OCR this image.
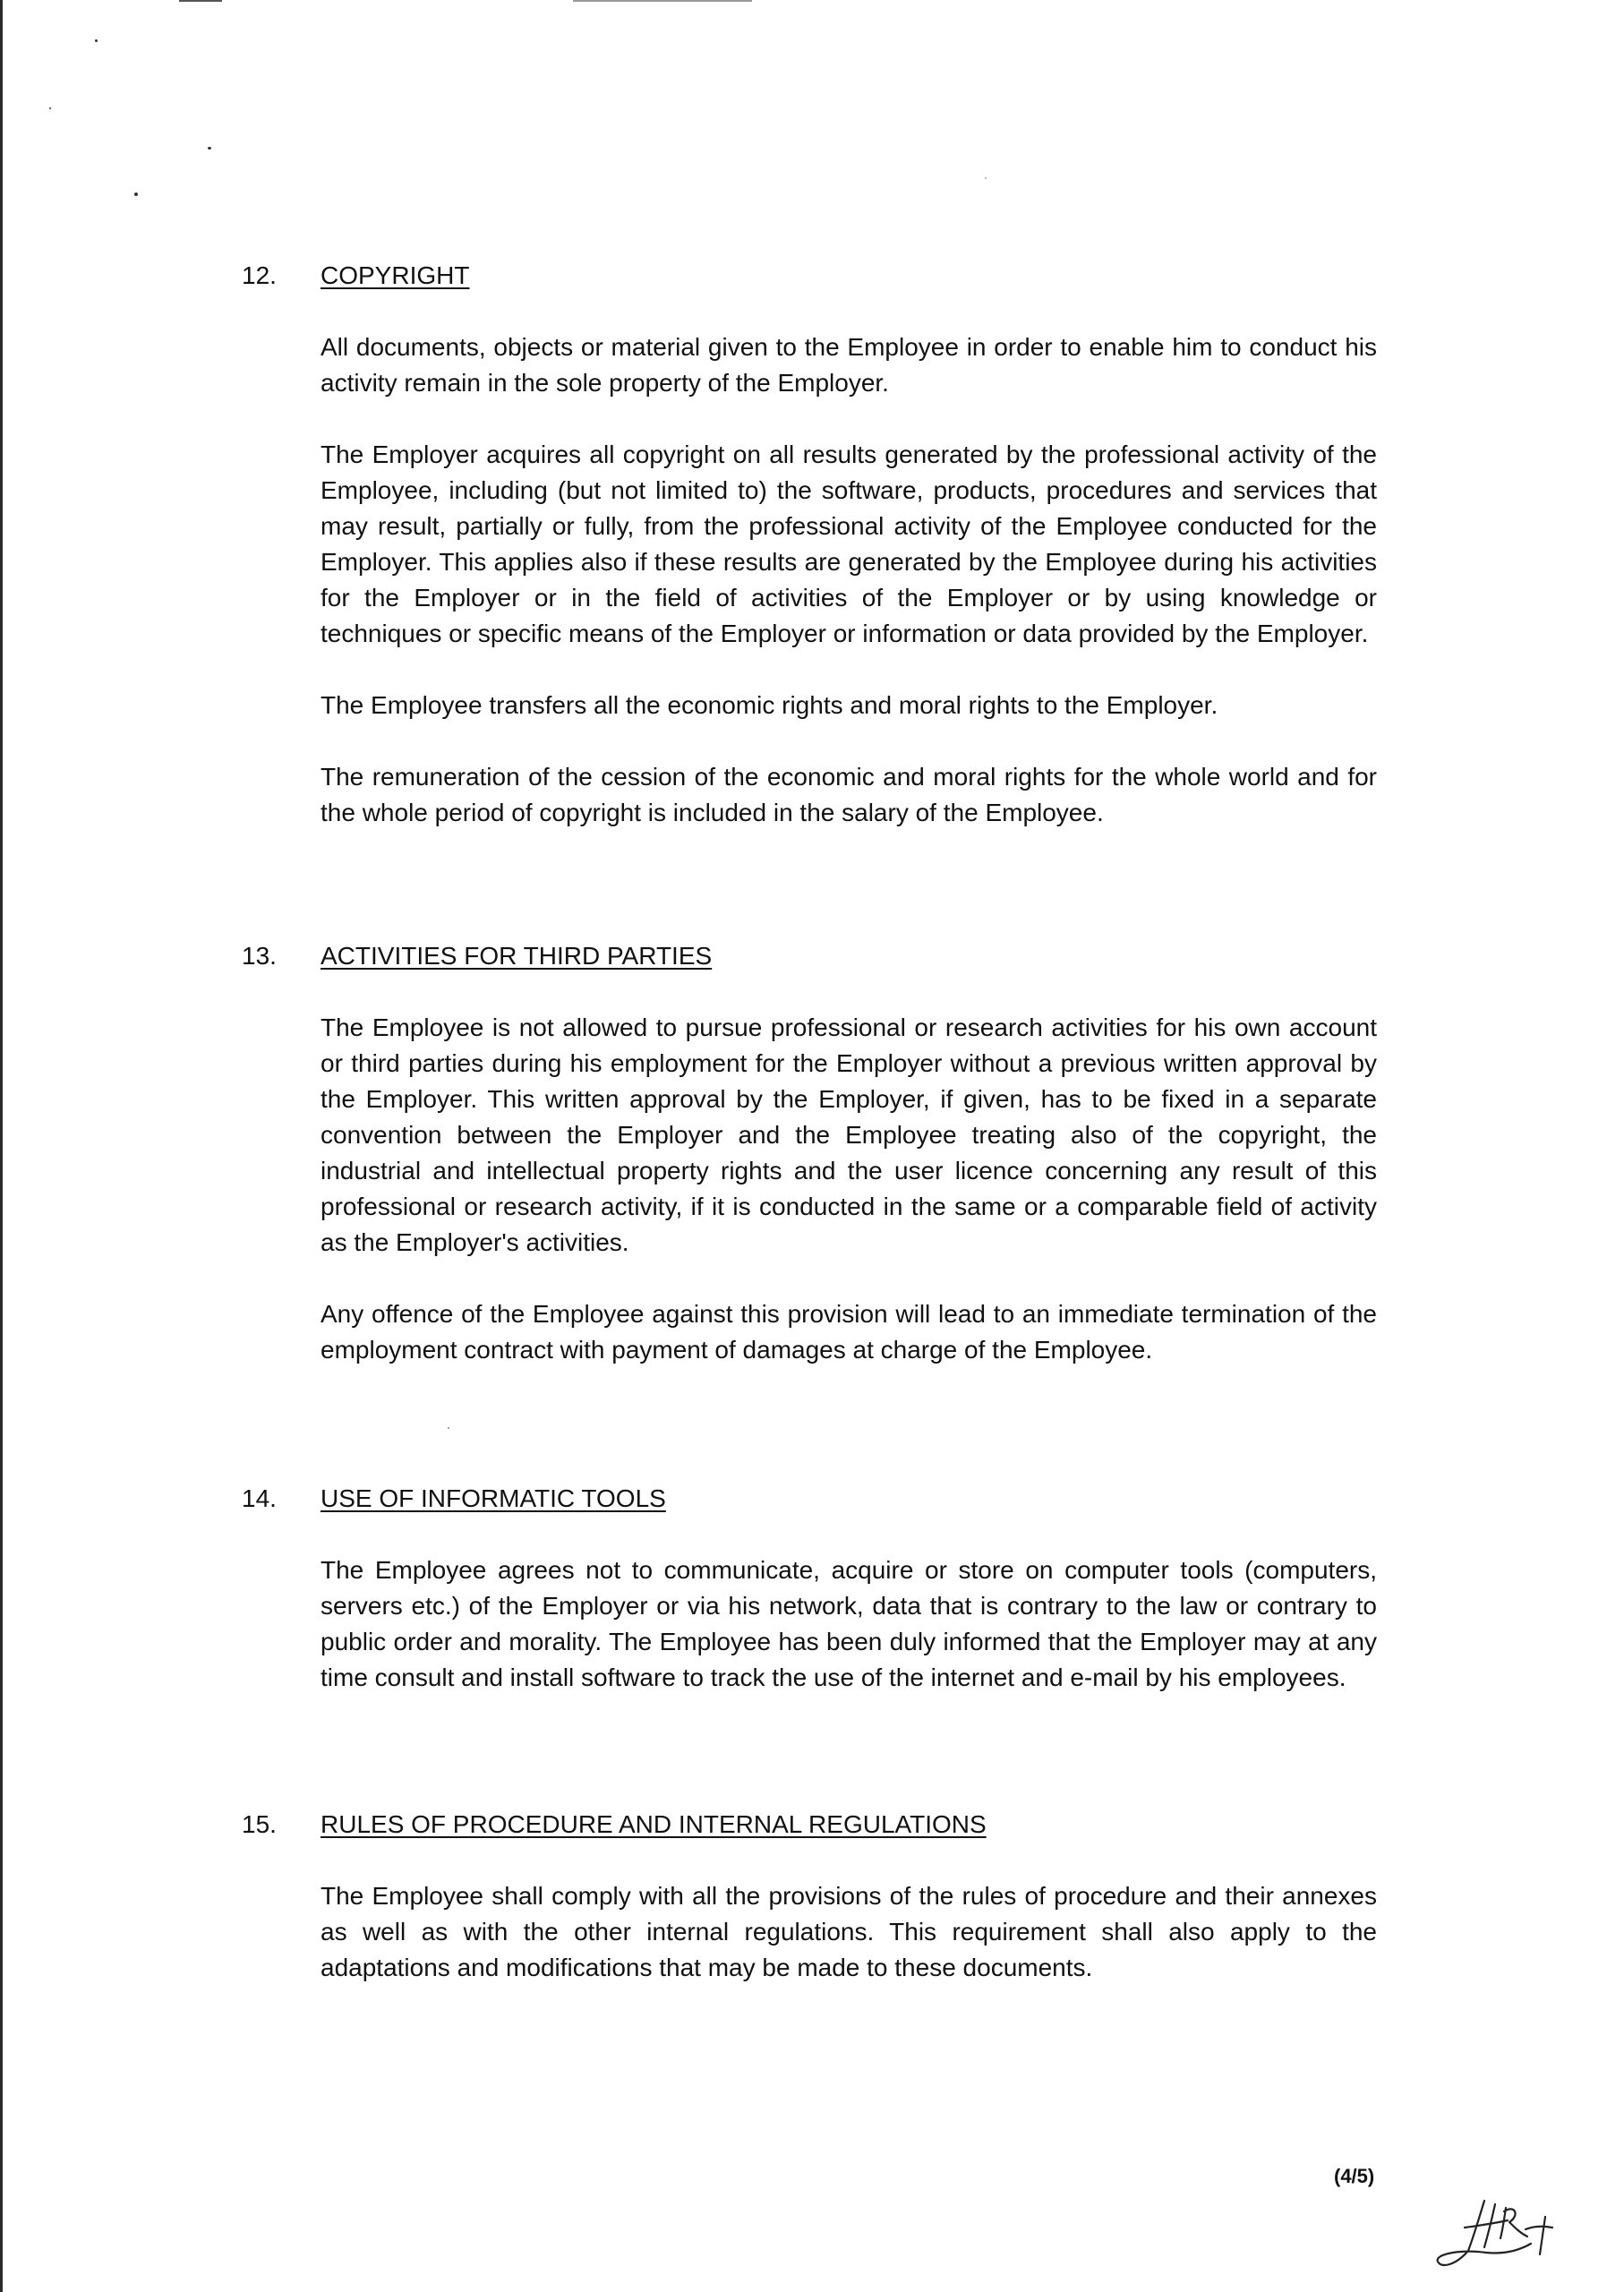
12. COPYRIGHT

All documents, objects or material given to the Employee in order to enable him to conduct his activity remain in the sole property of the Employer.

The Employer acquires all copyright on all results generated by the professional activity of the Employee, including (but not limited to) the software, products, procedures and services that may result, partially or fully, from the professional activity of the Employee conducted for the Employer. This applies also if these results are generated by the Employee during his activities for the Employer or in the field of activities of the Employer or by using knowledge or techniques or specific means of the Employer or information or data provided by the Employer.

The Employee transfers all the economic rights and moral rights to the Employer.

The remuneration of the cession of the economic and moral rights for the whole world and for the whole period of copyright is included in the salary of the Employee.

13. ACTIVITIES FOR THIRD PARTIES

The Employee is not allowed to pursue professional or research activities for his own account or third parties during his employment for the Employer without a previous written approval by the Employer. This written approval by the Employer, if given, has to be fixed in a separate convention between the Employer and the Employee treating also of the copyright, the industrial and intellectual property rights and the user licence concerning any result of this professional or research activity, if it is conducted in the same or a comparable field of activity as the Employer's activities.

Any offence of the Employee against this provision will lead to an immediate termination of the employment contract with payment of damages at charge of the Employee.

14. USE OF INFORMATIC TOOLS

The Employee agrees not to communicate, acquire or store on computer tools (computers, servers etc.) of the Employer or via his network, data that is contrary to the law or contrary to public order and morality. The Employee has been duly informed that the Employer may at any time consult and install software to track the use of the internet and e-mail by his employees.

15. RULES OF PROCEDURE AND INTERNAL REGULATIONS

The Employee shall comply with all the provisions of the rules of procedure and their annexes as well as with the other internal regulations. This requirement shall also apply to the adaptations and modifications that may be made to these documents.

(4/5)
